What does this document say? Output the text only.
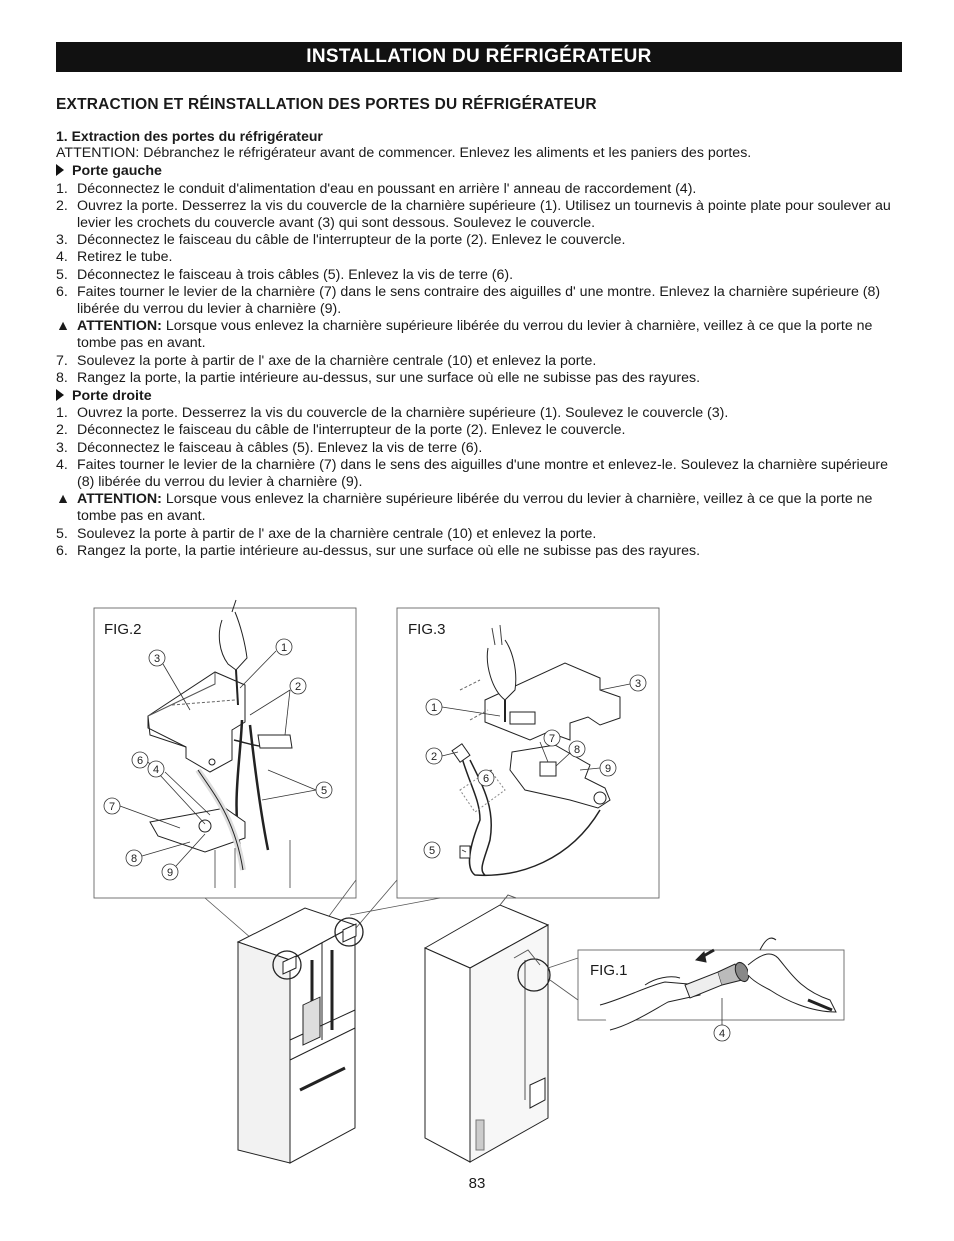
INSTALLATION DU RÉFRIGÉRATEUR
EXTRACTION ET RÉINSTALLATION DES PORTES DU RÉFRIGÉRATEUR
1. Extraction des portes du réfrigérateur

ATTENTION: Débranchez le réfrigérateur avant de commencer. Enlevez les aliments et les paniers des portes.

Porte gauche
1. Déconnectez le conduit d'alimentation d'eau en poussant en arrière l' anneau de raccordement (4).
2. Ouvrez la porte. Desserrez la vis du couvercle de la charnière supérieure (1). Utilisez un tournevis à pointe plate pour soulever au levier les crochets du couvercle avant (3) qui sont dessous. Soulevez le couvercle.
3. Déconnectez le faisceau du câble de l'interrupteur de la porte (2). Enlevez le couvercle.
4. Retirez le tube.
5. Déconnectez le faisceau à trois câbles (5). Enlevez la vis de terre (6).
6. Faites tourner le levier de la charnière (7) dans le sens contraire des aiguilles d' une montre. Enlevez la charnière supérieure (8) libérée du verrou du levier à charnière (9).
▲ ATTENTION: Lorsque vous enlevez la charnière supérieure libérée du verrou du levier à charnière, veillez à ce que la porte ne tombe pas en avant.
7. Soulevez la porte à partir de l' axe de la charnière centrale (10) et enlevez la porte.
8. Rangez la porte, la partie intérieure au-dessus, sur une surface où elle ne subisse pas des rayures.
Porte droite
1. Ouvrez la porte. Desserrez la vis du couvercle de la charnière supérieure (1). Soulevez le couvercle (3).
2. Déconnectez le faisceau du câble de l'interrupteur de la porte (2). Enlevez le couvercle.
3. Déconnectez le faisceau à câbles (5). Enlevez la vis de terre (6).
4. Faites tourner le levier de la charnière (7) dans le sens des aiguilles d'une montre et enlevez-le. Soulevez la charnière supérieure (8) libérée du verrou du levier à charnière (9).
▲ ATTENTION: Lorsque vous enlevez la charnière supérieure libérée du verrou du levier à charnière, veillez à ce que la porte ne tombe pas en avant.
5. Soulevez la porte à partir de l' axe de la charnière centrale (10) et enlevez la porte.
6. Rangez la porte, la partie intérieure au-dessus, sur une surface où elle ne subisse pas des rayures.
FIG.2
1
2
3
4
5
6
7
8
9
FIG.3
1
2
3
5
6
7
8
9
FIG.1
4
83
